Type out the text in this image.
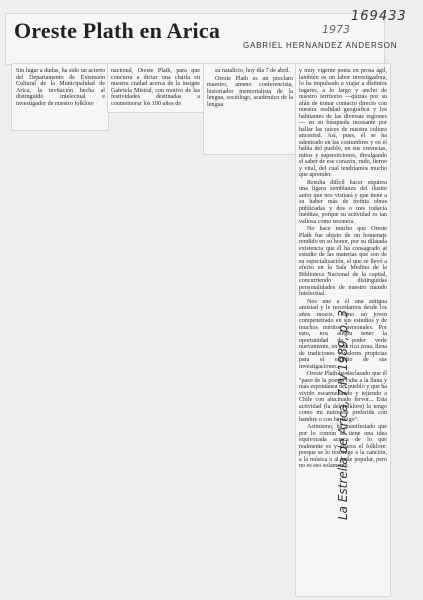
Oreste Plath en Arica
GABRIEL HERNANDEZ ANDERSON
169433
1973
La Estrella de Arica, 7.IV.1989, p. 3

Sin lugar a dudas, ha sido un acierto del Departamento de Extensión Cultural de la Municipalidad de Arica, la invitación hecha al distinguido intelectual e investigador de nuestro folklore

nacional, Oreste Plath, para que concurra a dictar una charla en nuestra ciudad acerca de la insigne Gabriela Mistral, con motivo de las festividades destinadas a conmemorar los 100 años de

su natalicio, hoy día 7 de abril.

Oreste Plath es un preclaro maestro, ameno conferencista, historiador memorialista de la lengua, sociólogo, académico de la lengua

y muy vigente poeta en prosa ágil, también es un labor investigadora, lo ha impulsado a viajar a distintos lugares, a lo largo y ancho de nuestro territorio —quizás por su afán de tomar contacto directo con nuestra realidad geográfica y los habitantes de las diversas regiones— en su búsqueda incesante por hallar las raíces de nuestra cultura ancestral. Así, pues, él se ha adentrado en las costumbres y en el habla del pueblo, en sus creencias, mitos y supersticiones, divulgando el saber de ese corazón, rudo, tierno y vital, del cual tendríamos mucho que aprender.

Resulta difícil hacer siquiera una ligera semblanza del ilustre autor que nos visitará y que tiene a su haber más de treinta obras publicadas y dos o tres todavía inéditas, porque su actividad es tan valiosa como tesonera.

No hace mucho que Oreste Plath fue objeto de un homenaje rendido en su honor, por su dilatada existencia que él ha consagrado al estudio de las materias que son de su especialización, el que se llevó a efecto en la Sala Medina de la Biblioteca Nacional de la capital, concurriendo distinguidas personalidades de nuestro mundo intelectual.

Nos une a él una antigua amistad y le recordamos desde los años mozos, como un joven compenetrado en sus estudios y de muchos méritos personales. Por esto, nos alegra tener la oportunidad de poder verle nuevamente, en esta rica zona, llena de tradiciones y valores propicias para el estudio de sus investigaciones.

Oreste Plath ha declarado que él "paso de la poesía culta a la llana y más espontánea del pueblo y que ha vivido escarmenando y tejiendo a Chile con alucinado fervor... Esta actividad (la del folklore) la tengo como mi nutrición preferida con hambre o con hartazgo".

Asimismo, ha manifestado que por lo común se tiene una idea equivocada acerca de lo que realmente es y abarca el folklore: porque se lo restringe a la canción, a la música o al baile popular, pero no es eso solamente.
